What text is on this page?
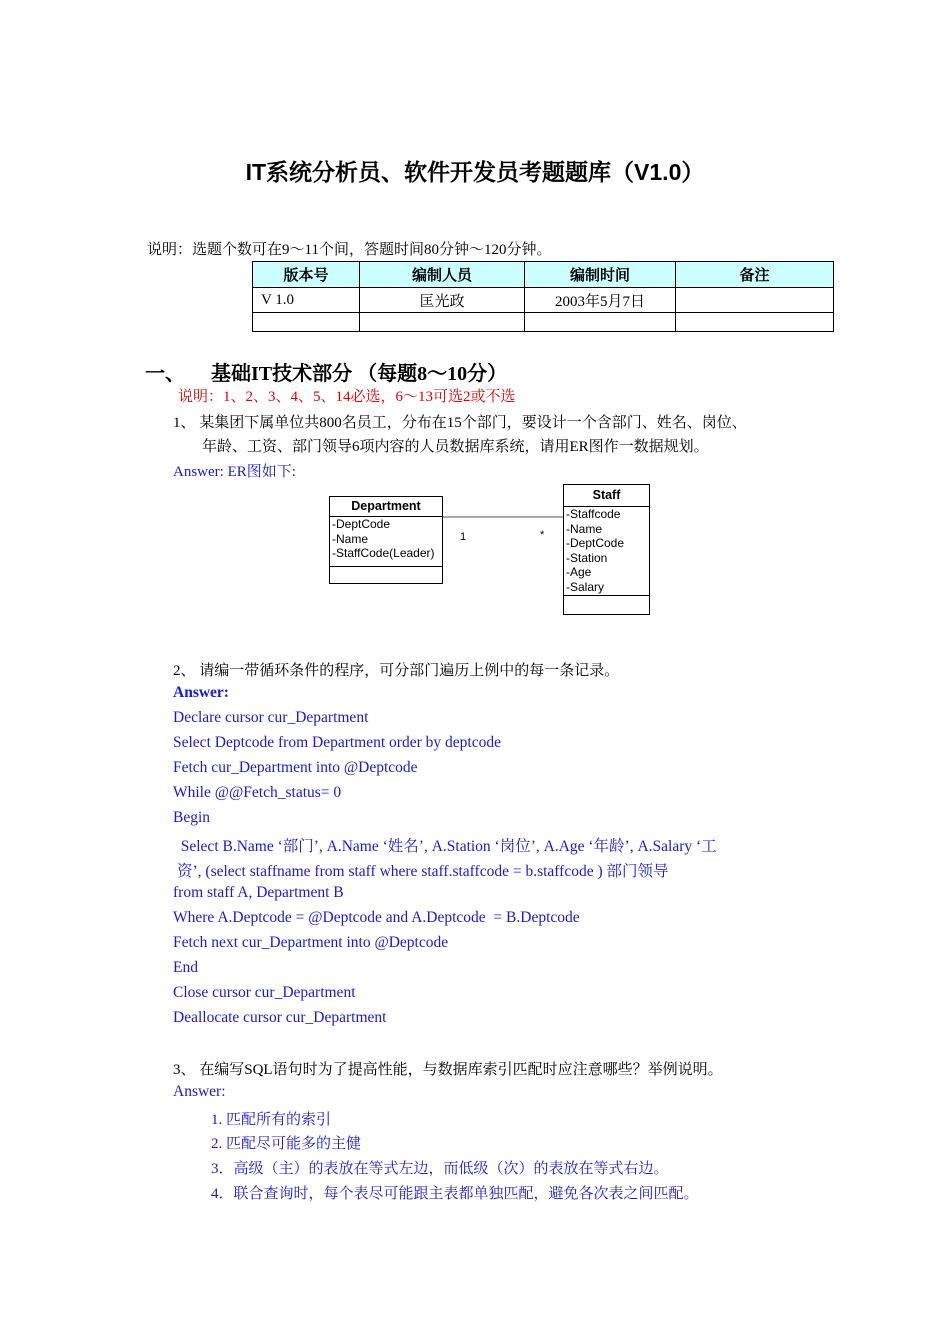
IT系统分析员、软件开发员考题题库（V1.0）
说明：选题个数可在9～11个间，答题时间80分钟～120分钟。
版本号	编制人员	编制时间	备注
V 1.0	匡光政	2003年5月7日	

一、 基础IT技术部分 （每题8～10分）
说明：1、2、3、4、5、14必选，6～13可选2或不选
1、 某集团下属单位共800名员工，分布在15个部门，要设计一个含部门、姓名、岗位、
年龄、工资、部门领导6项内容的人员数据库系统，请用ER图作一数据规划。
Answer: ER图如下:
1	*
Department
-DeptCode
-Name
-StaffCode(Leader)
Staff
-Staffcode
-Name
-DeptCode
-Station
-Age
-Salary
2、 请编一带循环条件的程序，可分部门遍历上例中的每一条记录。
Answer:
Declare cursor cur_Department
Select Deptcode from Department order by deptcode
Fetch cur_Department into @Deptcode
While @@Fetch_status= 0
Begin
Select B.Name ‘部门’, A.Name ‘姓名’, A.Station ‘岗位’, A.Age ‘年龄’, A.Salary ‘工
资’, (select staffname from staff where staff.staffcode = b.staffcode ) 部门领导
from staff A, Department B
Where A.Deptcode = @Deptcode and A.Deptcode  = B.Deptcode
Fetch next cur_Department into @Deptcode
End
Close cursor cur_Department
Deallocate cursor cur_Department
3、 在编写SQL语句时为了提高性能，与数据库索引匹配时应注意哪些？举例说明。
Answer:
1. 匹配所有的索引
2. 匹配尽可能多的主健
3．高级（主）的表放在等式左边，而低级（次）的表放在等式右边。
4．联合查询时，每个表尽可能跟主表都单独匹配，避免各次表之间匹配。
